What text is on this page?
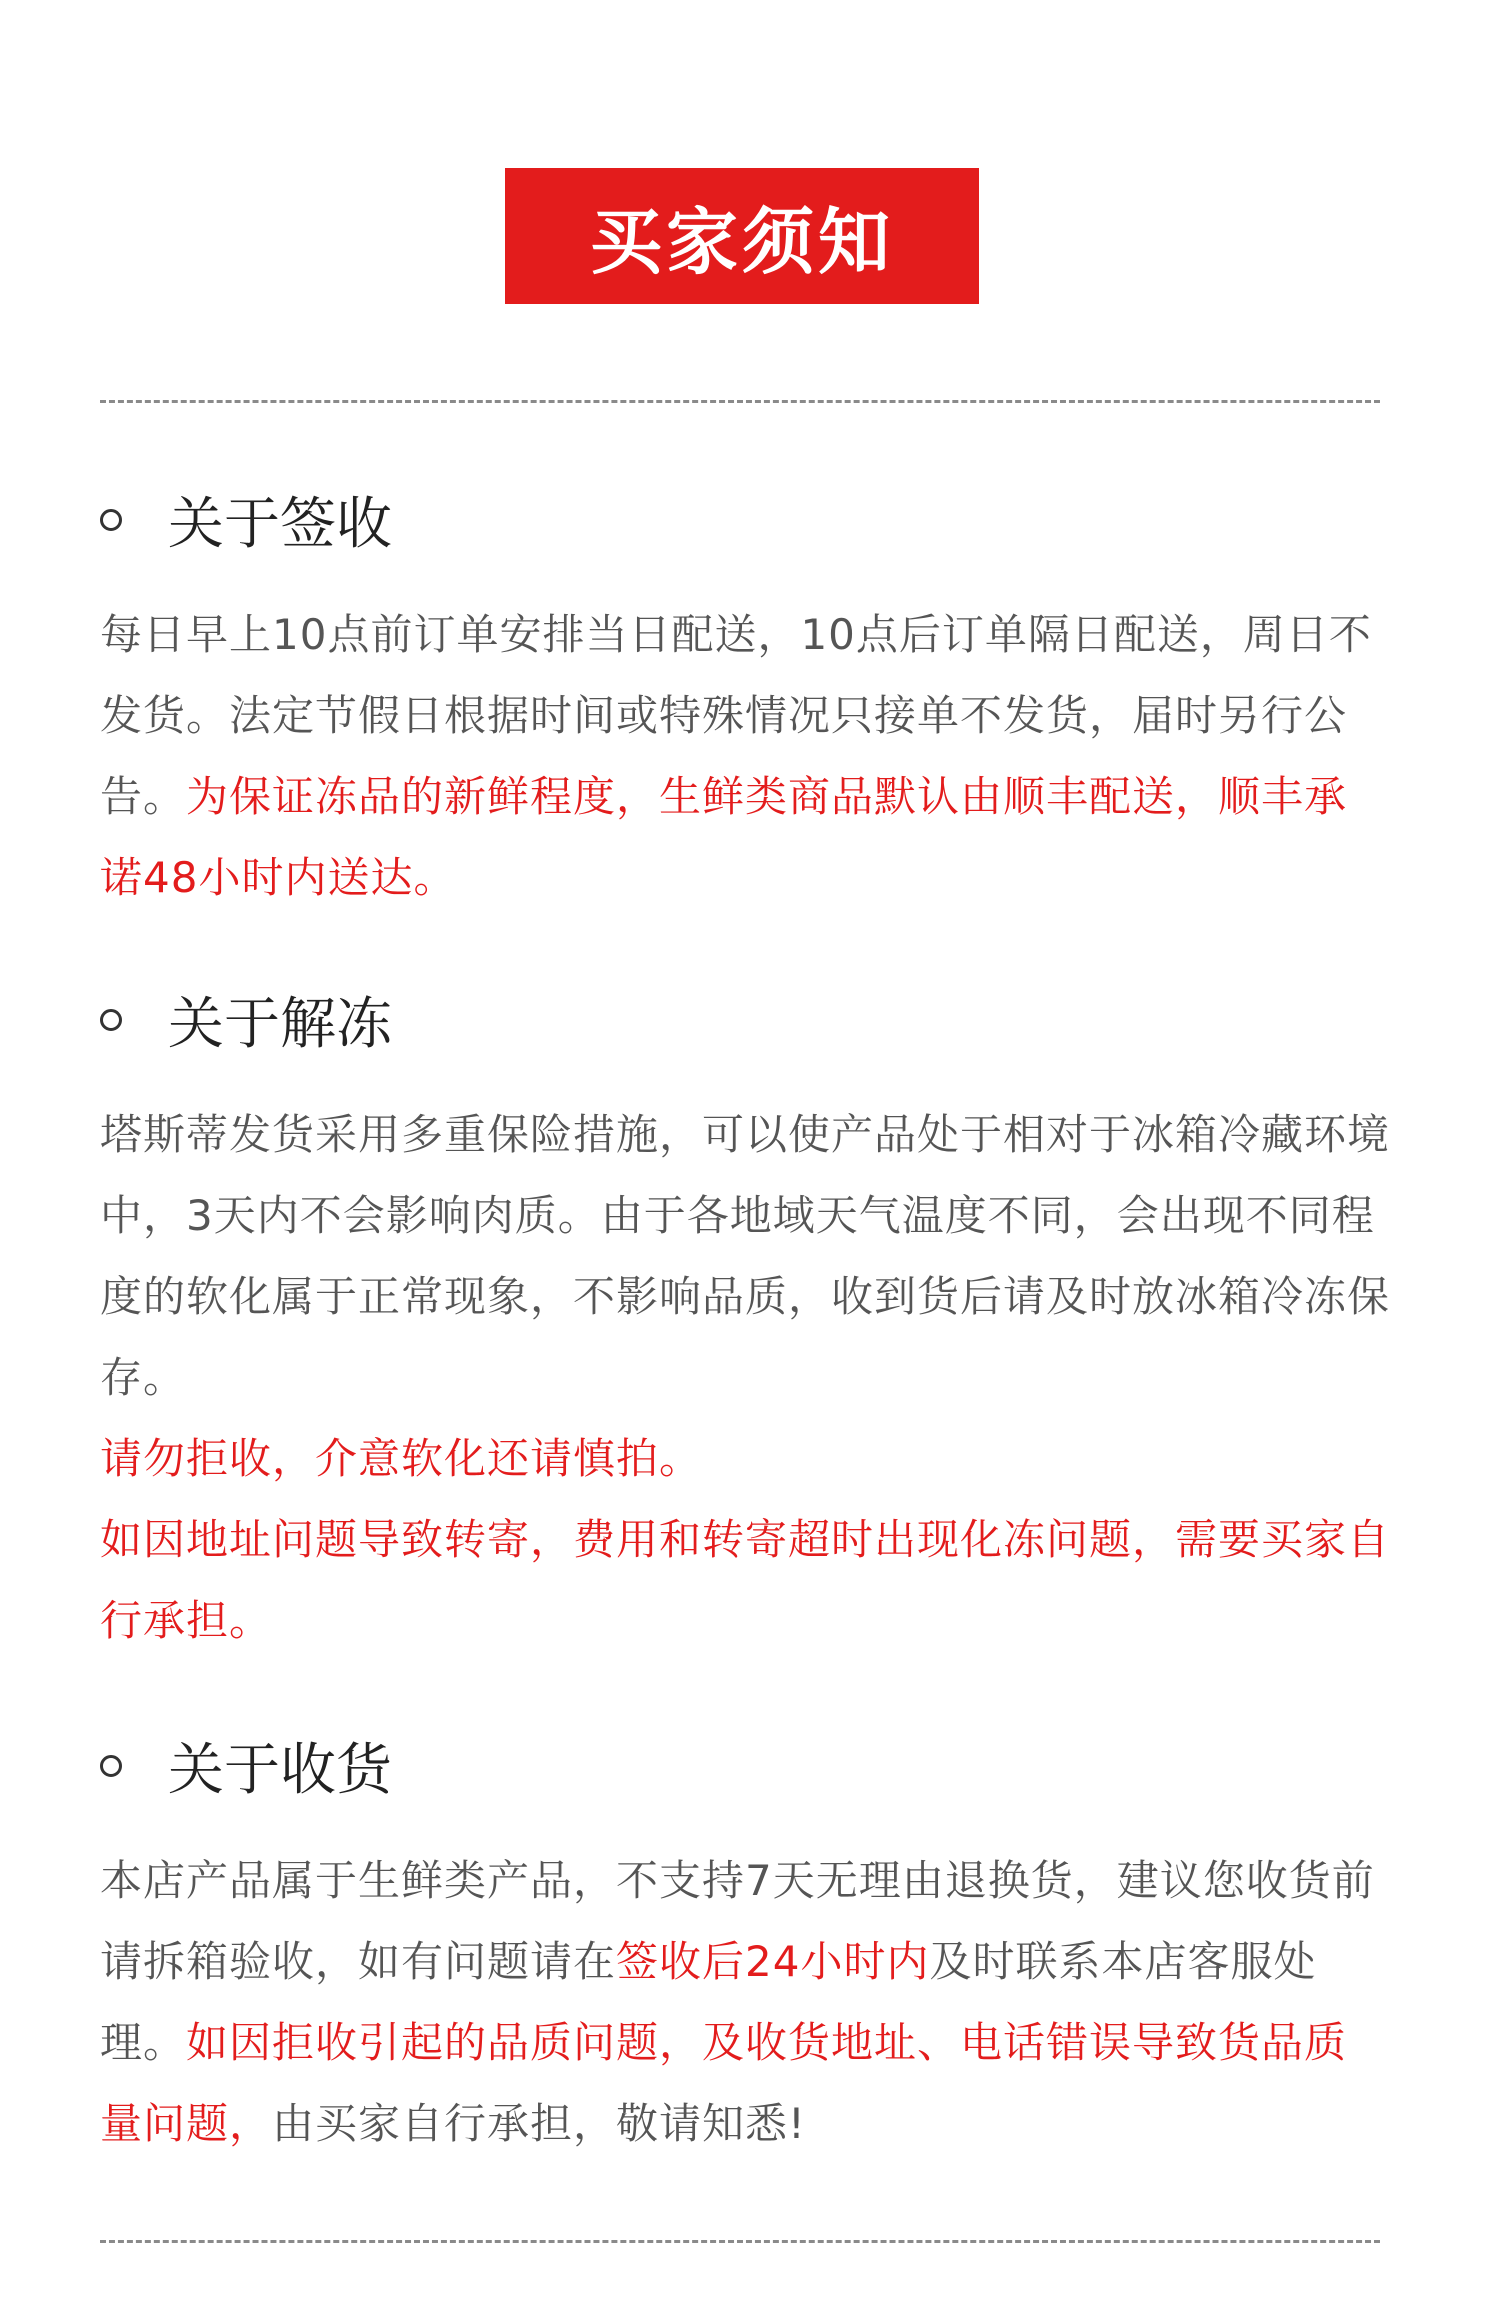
买家须知
关于签收
每日早上10点前订单安排当日配送，10点后订单隔日配送，周日不发货。法定节假日根据时间或特殊情况只接单不发货，届时另行公告。为保证冻品的新鲜程度，生鲜类商品默认由顺丰配送，顺丰承诺48小时内送达。
关于解冻

塔斯蒂发货采用多重保险措施，可以使产品处于相对于冰箱冷藏环境中，3天内不会影响肉质。由于各地域天气温度不同，会出现不同程度的软化属于正常现象，不影响品质，收到货后请及时放冰箱冷冻保存。

请勿拒收，介意软化还请慎拍。

如因地址问题导致转寄，费用和转寄超时出现化冻问题，需要买家自行承担。

关于收货
本店产品属于生鲜类产品，不支持7天无理由退换货，建议您收货前请拆箱验收，如有问题请在签收后24小时内及时联系本店客服处理。如因拒收引起的品质问题，及收货地址、电话错误导致货品质量问题，由买家自行承担，敬请知悉!
